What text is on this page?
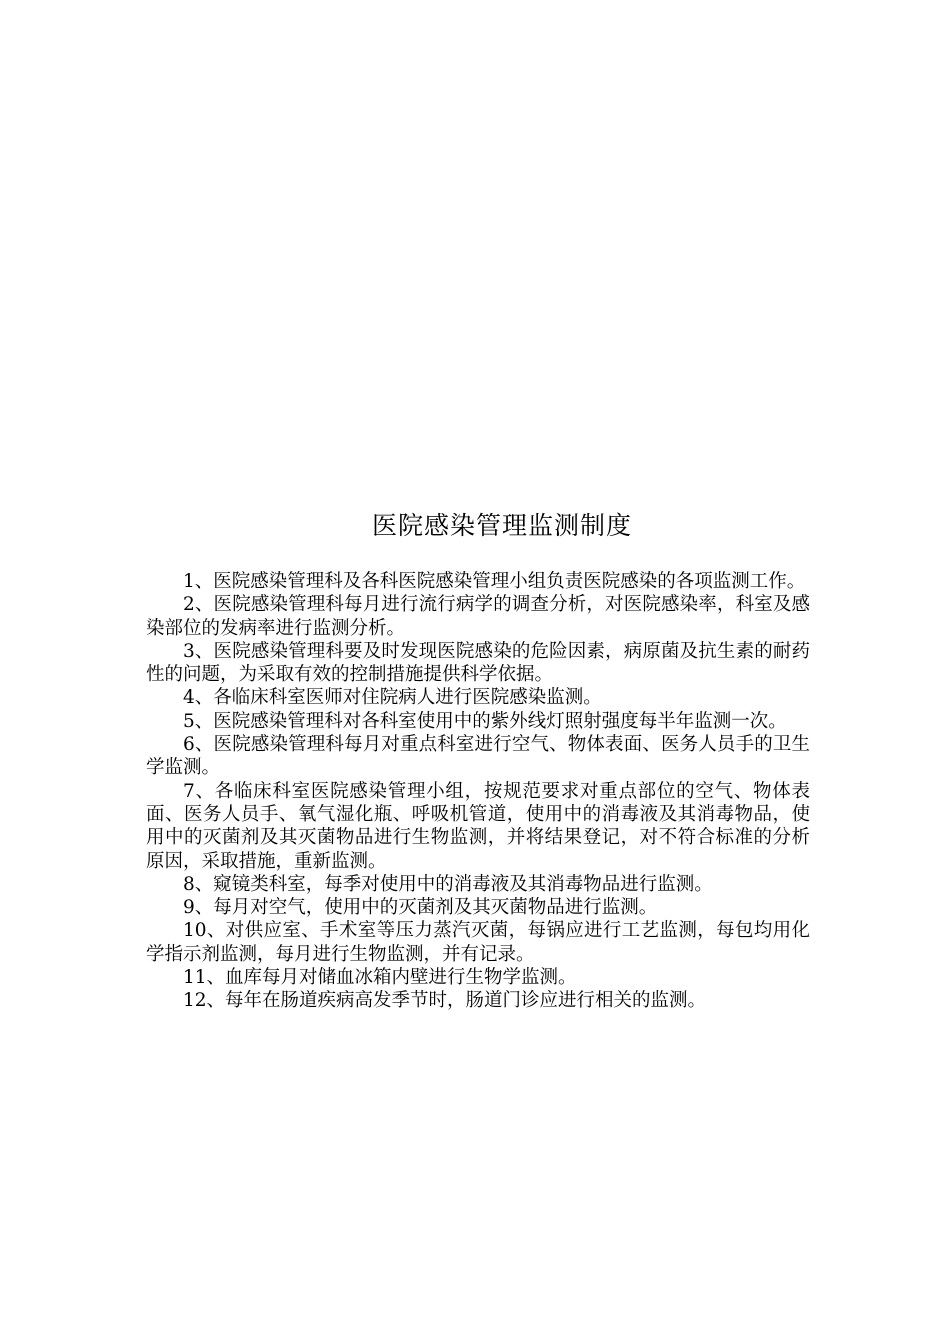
医院感染管理监测制度

1、医院感染管理科及各科医院感染管理小组负责医院感染的各项监测工作。

2、医院感染管理科每月进行流行病学的调查分析，对医院感染率，科室及感染部位的发病率进行监测分析。

3、医院感染管理科要及时发现医院感染的危险因素，病原菌及抗生素的耐药性的问题，为采取有效的控制措施提供科学依据。

4、各临床科室医师对住院病人进行医院感染监测。

5、医院感染管理科对各科室使用中的紫外线灯照射强度每半年监测一次。

6、医院感染管理科每月对重点科室进行空气、物体表面、医务人员手的卫生学监测。

7、各临床科室医院感染管理小组，按规范要求对重点部位的空气、物体表面、医务人员手、氧气湿化瓶、呼吸机管道，使用中的消毒液及其消毒物品，使用中的灭菌剂及其灭菌物品进行生物监测，并将结果登记，对不符合标准的分析原因，采取措施，重新监测。

8、窥镜类科室，每季对使用中的消毒液及其消毒物品进行监测。

9、每月对空气，使用中的灭菌剂及其灭菌物品进行监测。

10、对供应室、手术室等压力蒸汽灭菌，每锅应进行工艺监测，每包均用化学指示剂监测，每月进行生物监测，并有记录。

11、血库每月对储血冰箱内壁进行生物学监测。

12、每年在肠道疾病高发季节时，肠道门诊应进行相关的监测。
